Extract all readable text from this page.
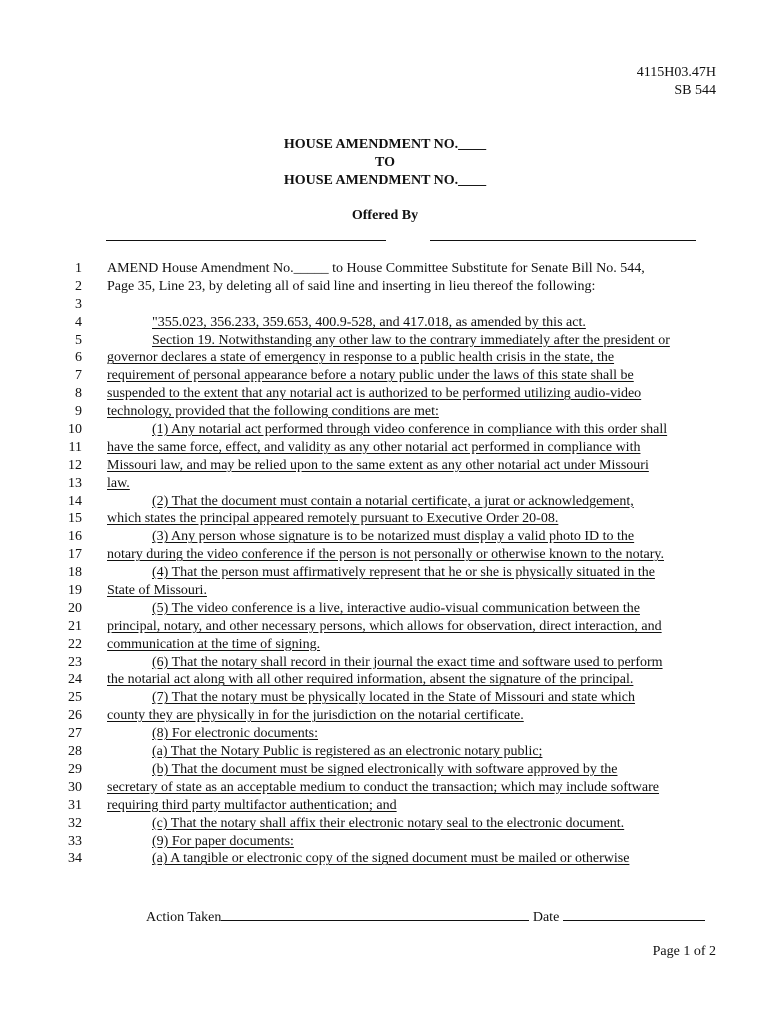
4115H03.47H
SB 544
HOUSE AMENDMENT NO.____
TO
HOUSE AMENDMENT NO.____
Offered By
1 AMEND House Amendment No._____ to House Committee Substitute for Senate Bill No. 544,
2 Page 35, Line 23, by deleting all of said line and inserting in lieu thereof the following:
3
4	"355.023, 356.233, 359.653, 400.9-528, and 417.018, as amended by this act.
5	Section 19. Notwithstanding any other law to the contrary immediately after the president or
6 governor declares a state of emergency in response to a public health crisis in the state, the
7 requirement of personal appearance before a notary public under the laws of this state shall be
8 suspended to the extent that any notarial act is authorized to be performed utilizing audio-video
9 technology, provided that the following conditions are met:
10	(1) Any notarial act performed through video conference in compliance with this order shall
11 have the same force, effect, and validity as any other notarial act performed in compliance with
12 Missouri law, and may be relied upon to the same extent as any other notarial act under Missouri
13 law.
14	(2) That the document must contain a notarial certificate, a jurat or acknowledgement,
15 which states the principal appeared remotely pursuant to Executive Order 20-08.
16	(3) Any person whose signature is to be notarized must display a valid photo ID to the
17 notary during the video conference if the person is not personally or otherwise known to the notary.
18	(4) That the person must affirmatively represent that he or she is physically situated in the
19 State of Missouri.
20	(5) The video conference is a live, interactive audio-visual communication between the
21 principal, notary, and other necessary persons, which allows for observation, direct interaction, and
22 communication at the time of signing.
23	(6) That the notary shall record in their journal the exact time and software used to perform
24 the notarial act along with all other required information, absent the signature of the principal.
25	(7) That the notary must be physically located in the State of Missouri and state which
26 county they are physically in for the jurisdiction on the notarial certificate.
27	(8) For electronic documents:
28	(a) That the Notary Public is registered as an electronic notary public;
29	(b) That the document must be signed electronically with software approved by the
30 secretary of state as an acceptable medium to conduct the transaction; which may include software
31 requiring third party multifactor authentication; and
32	(c) That the notary shall affix their electronic notary seal to the electronic document.
33	(9) For paper documents:
34	(a) A tangible or electronic copy of the signed document must be mailed or otherwise
Action Taken	Date
Page 1 of 2
